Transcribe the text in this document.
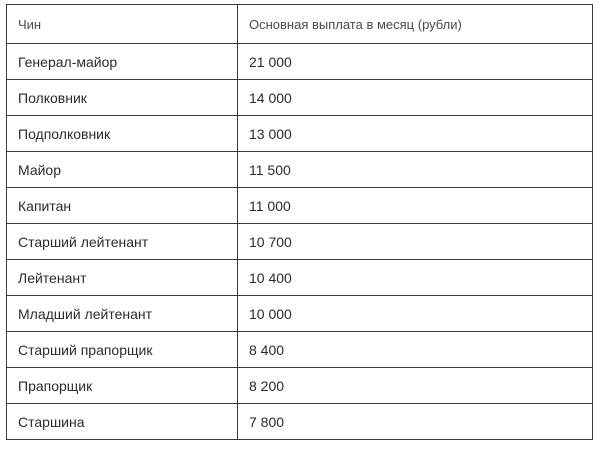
Чин	Основная выплата в месяц (рубли)
Генерал-майор	21 000
Полковник	14 000
Подполковник	13 000
Майор	11 500
Капитан	11 000
Старший лейтенант	10 700
Лейтенант	10 400
Младший лейтенант	10 000
Старший прапорщик	8 400
Прапорщик	8 200
Старшина	7 800
